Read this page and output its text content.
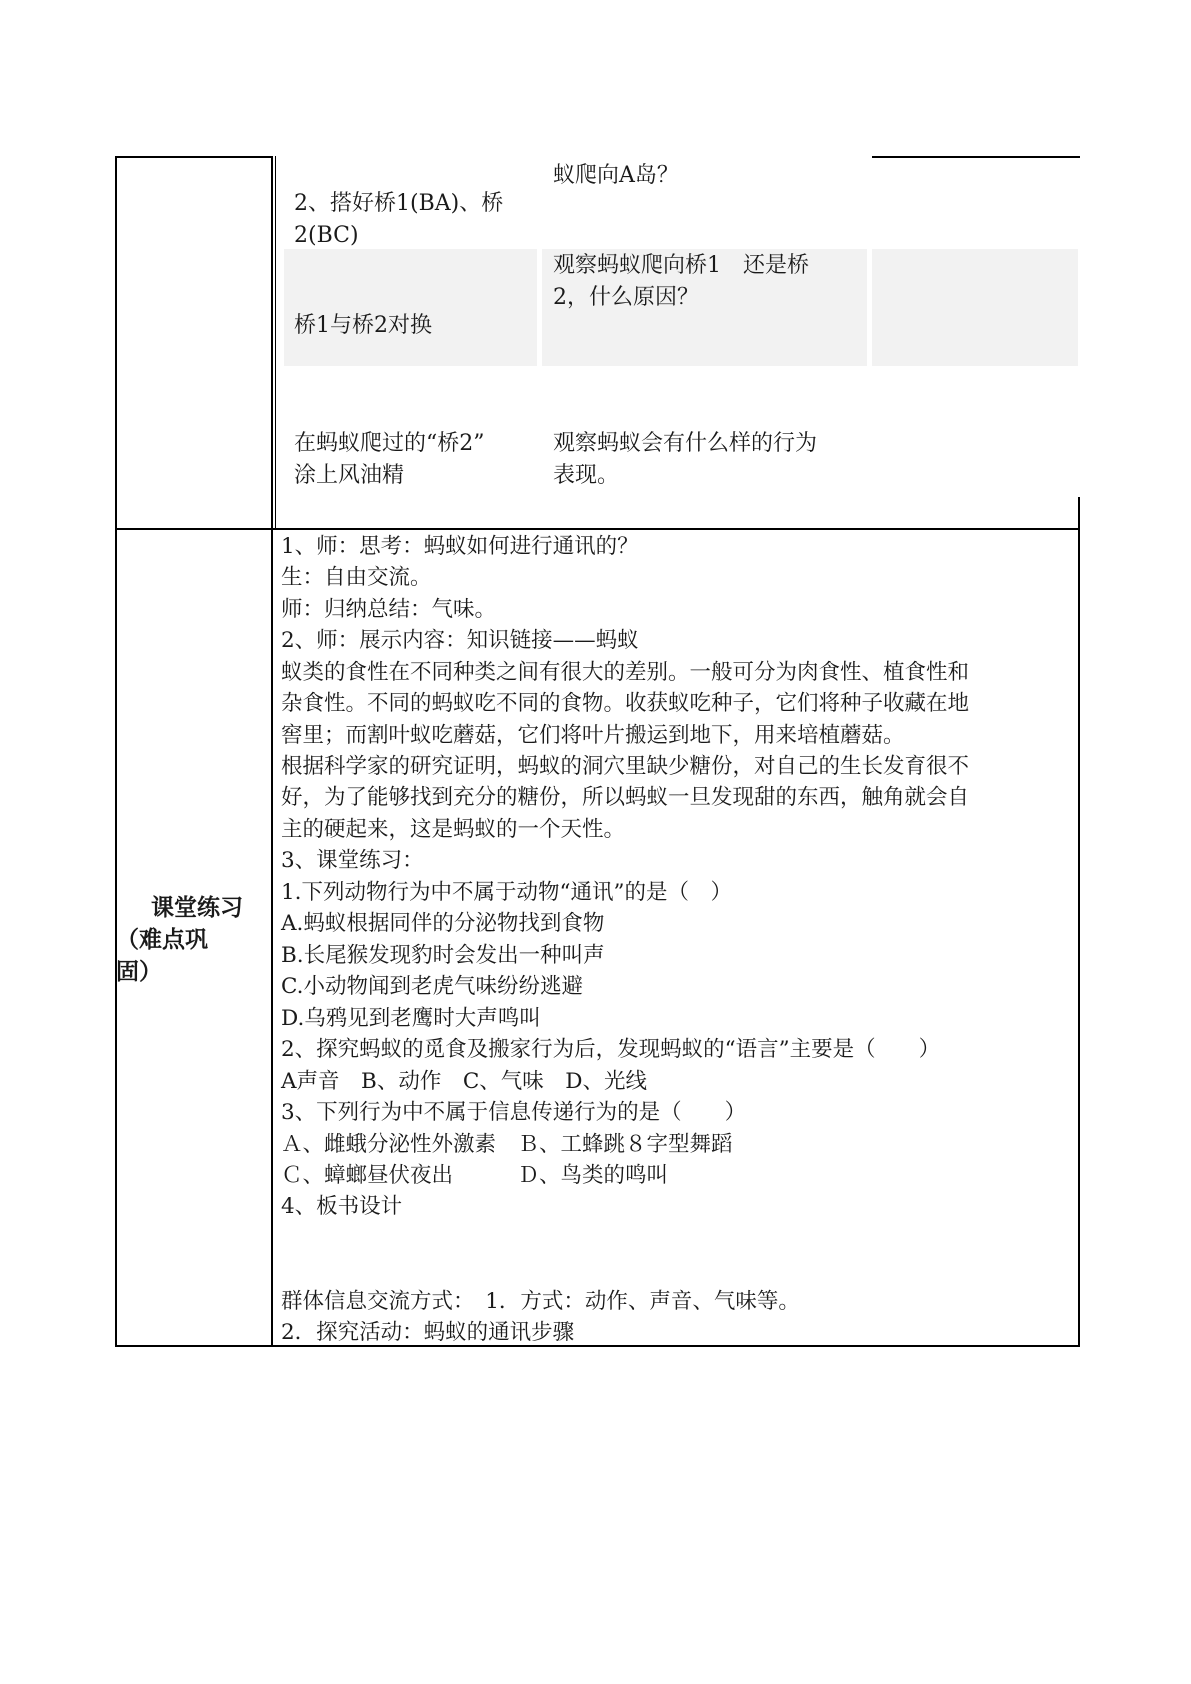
蚁爬向A岛？
2、搭好桥1(BA)、桥
2(BC)
观察蚂蚁爬向桥1　还是桥
2，什么原因？
桥1与桥2对换
在蚂蚁爬过的“桥2”
涂上风油精
观察蚂蚁会有什么样的行为
表现。
课堂练习
（难点巩
固）
1、师：思考：蚂蚁如何进行通讯的？
生：自由交流。
师：归纳总结：气味。
2、师：展示内容：知识链接——蚂蚁
蚁类的食性在不同种类之间有很大的差别。一般可分为肉食性、植食性和
杂食性。不同的蚂蚁吃不同的食物。收获蚁吃种子，它们将种子收藏在地
窖里；而割叶蚁吃蘑菇，它们将叶片搬运到地下，用来培植蘑菇。
根据科学家的研究证明，蚂蚁的洞穴里缺少糖份，对自己的生长发育很不
好，为了能够找到充分的糖份，所以蚂蚁一旦发现甜的东西，触角就会自
主的硬起来，这是蚂蚁的一个天性。
3、课堂练习：
1.下列动物行为中不属于动物“通讯”的是（　）
A.蚂蚁根据同伴的分泌物找到食物
B.长尾猴发现豹时会发出一种叫声
C.小动物闻到老虎气味纷纷逃避
D.乌鸦见到老鹰时大声鸣叫
2、探究蚂蚁的觅食及搬家行为后，发现蚂蚁的“语言”主要是（　　）
A声音　B、动作　C、气味　D、光线
3、下列行为中不属于信息传递行为的是（　　）
Ａ、雌蛾分泌性外激素　Ｂ、工蜂跳８字型舞蹈
Ｃ、蟑螂昼伏夜出　　　Ｄ、鸟类的鸣叫
4、板书设计
群体信息交流方式：　1．方式：动作、声音、气味等。
2．探究活动：蚂蚁的通讯步骤
